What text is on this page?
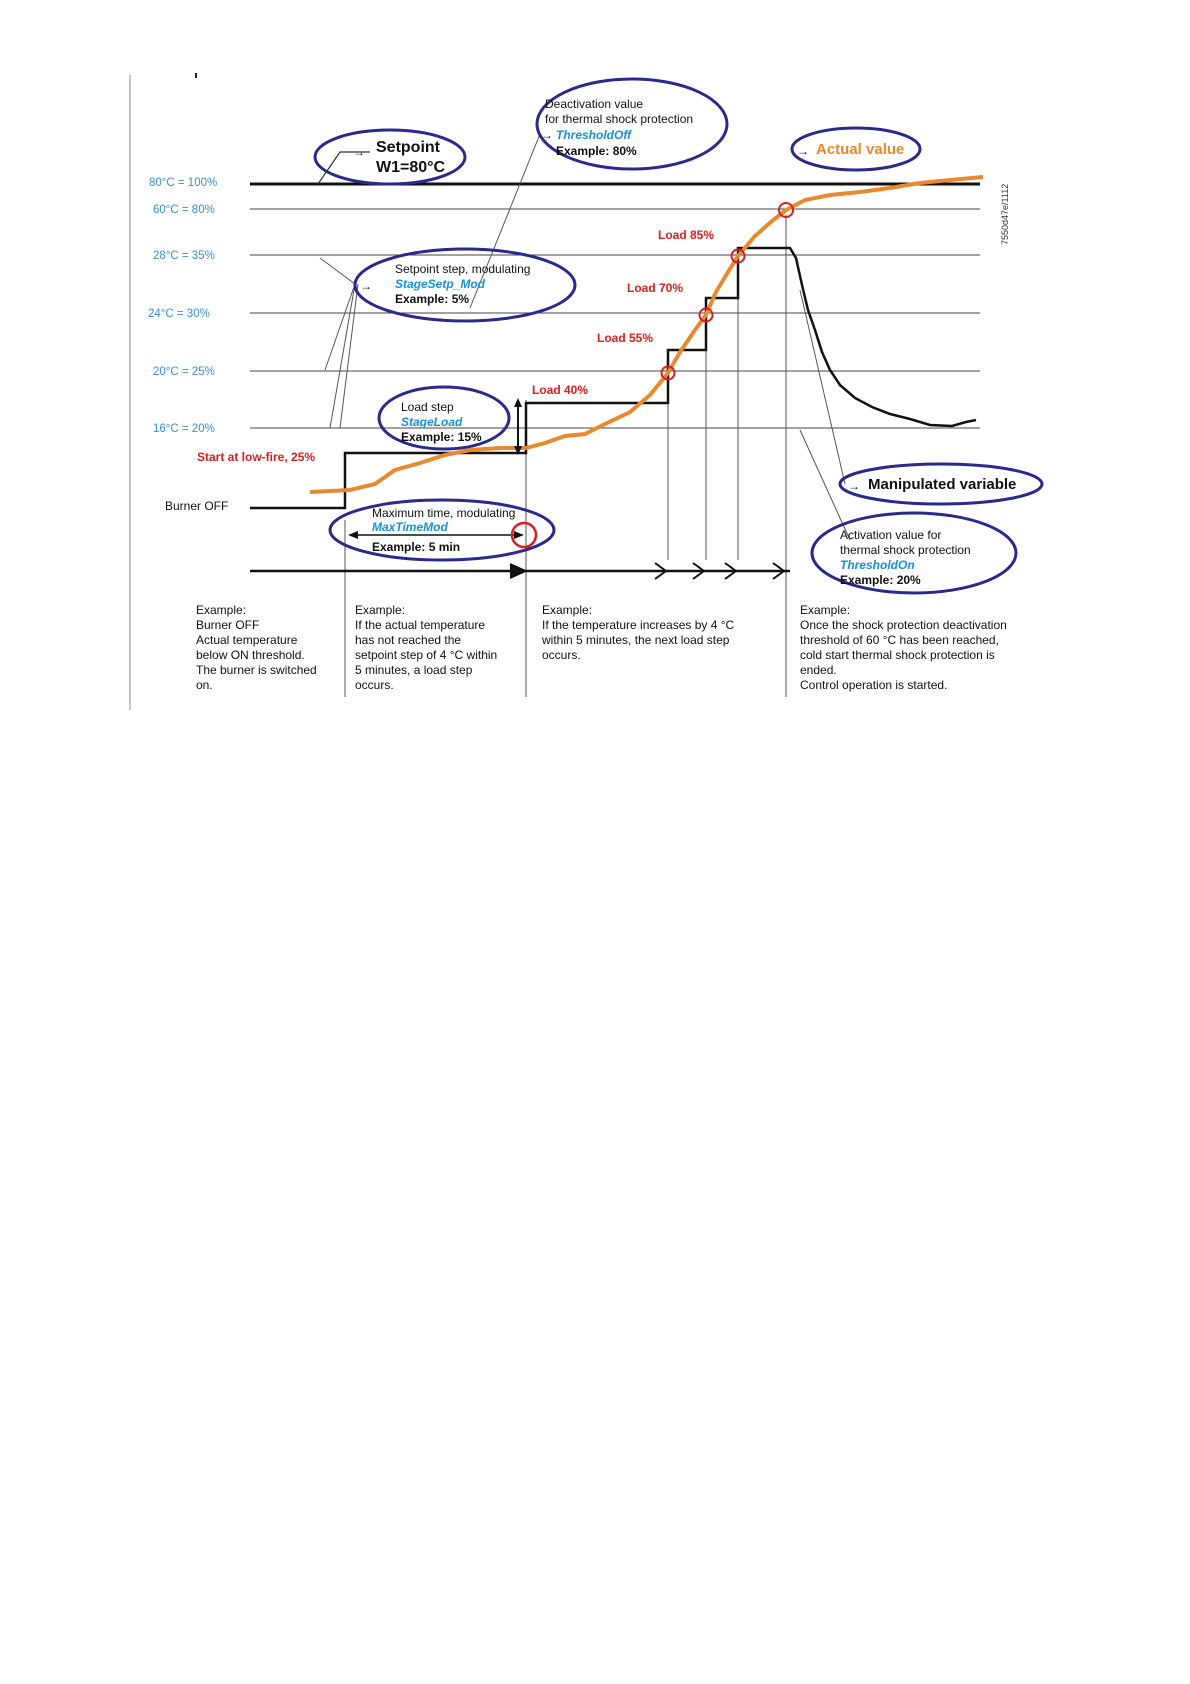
80°C = 100%
60°C = 80%
28°C = 35%
24°C = 30%
20°C = 25%
16°C = 20%
→ Setpoint
W1=80°C
Deactivation value
for thermal shock protection
→ ThresholdOff
Example: 80%	→ Actual value
7550d47e/1112
Setpoint step, modulating
→ StageSetp_Mod
Example: 5%
Load step
StageLoad
Example: 15%
Maximum time, modulating
MaxTimeMod
Example: 5 min
→ Manipulated variable
Activation value for
thermal shock protection
ThresholdOn
Example: 20%
Load 40%
Load 55%
Load 70%
Load 85%
Start at low-fire, 25%
Burner OFF
Example:
Burner OFF
Actual temperature
below ON threshold.
The burner is switched
on.
Example:
If the actual temperature
has not reached the
setpoint step of 4 °C within
5 minutes, a load step
occurs.
Example:
If the temperature increases by 4 °C
within 5 minutes, the next load step
occurs.
Example:
Once the shock protection deactivation
threshold of 60 °C has been reached,
cold start thermal shock protection is
ended.
Control operation is started.
